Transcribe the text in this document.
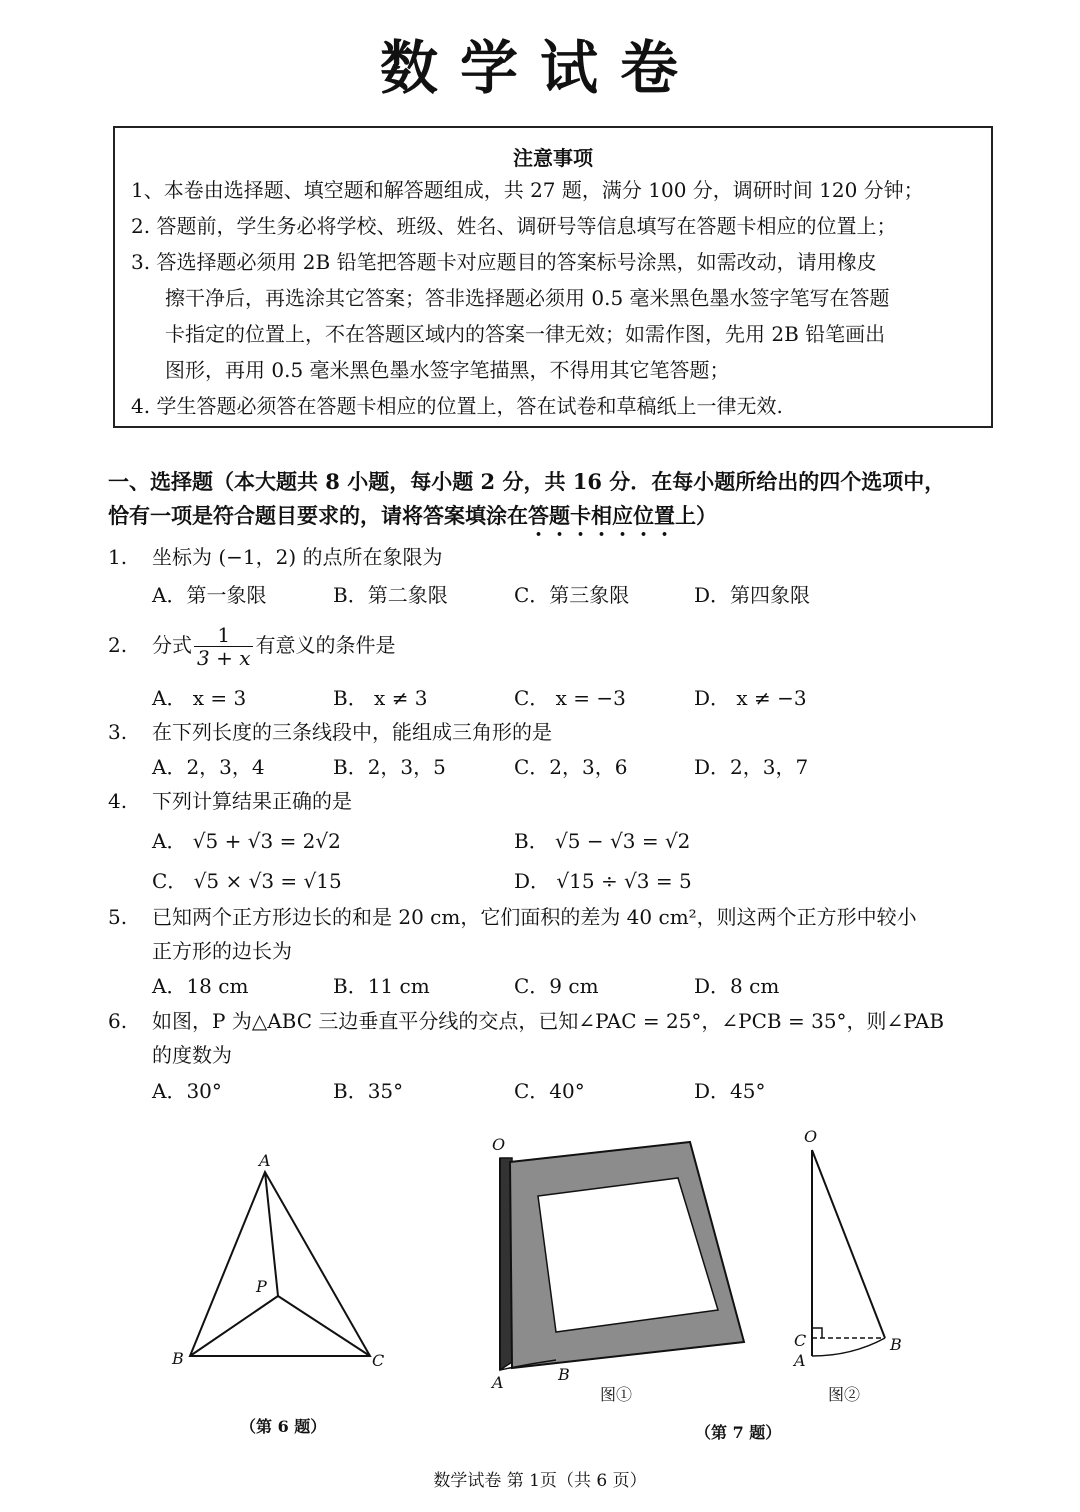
数学试卷
注意事项
1、本卷由选择题、填空题和解答题组成，共 27 题，满分 100 分，调研时间 120 分钟；
2. 答题前，学生务必将学校、班级、姓名、调研号等信息填写在答题卡相应的位置上；
3. 答选择题必须用 2B 铅笔把答题卡对应题目的答案标号涂黑，如需改动，请用橡皮
擦干净后，再选涂其它答案；答非选择题必须用 0.5 毫米黑色墨水签字笔写在答题
卡指定的位置上，不在答题区域内的答案一律无效；如需作图，先用 2B 铅笔画出
图形，再用 0.5 毫米黑色墨水签字笔描黑，不得用其它笔答题；
4. 学生答题必须答在答题卡相应的位置上，答在试卷和草稿纸上一律无效.
一、选择题（本大题共 8 小题，每小题 2 分，共 16 分．在每小题所给出的四个选项中，
恰有一项是符合题目要求的，请将答案填涂在答题卡相应位置上）
1. 坐标为 (−1，2) 的点所在象限为
A．第一象限	B．第二象限	C．第三象限	D．第四象限
2. 分式 $\frac{1}{3 + x}$ 有意义的条件是
A． x = 3	B． x ≠ 3	C． x = −3	D． x ≠ −3
3. 在下列长度的三条线段中，能组成三角形的是
A．2，3，4	B．2，3，5	C．2，3，6	D．2，3，7
4. 下列计算结果正确的是
A． √5 + √3 = 2√2	B． √5 − √3 = √2
C． √5 × √3 = √15	D． √15 ÷ √3 = 5
5. 已知两个正方形边长的和是 20 cm，它们面积的差为 40 cm²，则这两个正方形中较小
正方形的边长为
A．18 cm	B．11 cm	C．9 cm	D．8 cm
6. 如图，P 为△ABC 三边垂直平分线的交点，已知∠PAC = 25°，∠PCB = 35°，则∠PAB
的度数为
A．30°	B．35°	C．40°	D．45°
A
B	C
P
（第 6 题）
O
A	B
图①
O
C
A
B
图②
（第 7 题）
数学试卷 第 1页（共 6 页）
